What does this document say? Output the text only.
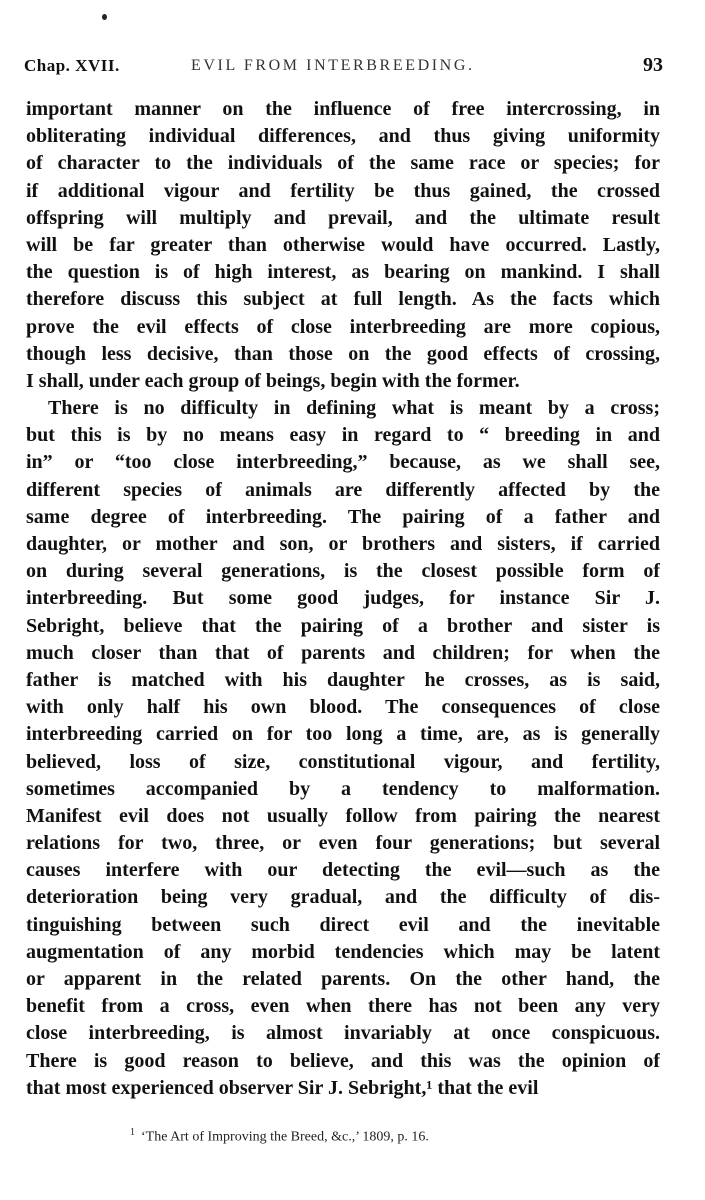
Chap. XVII.	EVIL FROM INTERBREEDING.	93
important manner on the influence of free intercrossing, in
obliterating individual differences, and thus giving uniformity
of character to the individuals of the same race or species; for
if additional vigour and fertility be thus gained, the crossed
offspring will multiply and prevail, and the ultimate result
will be far greater than otherwise would have occurred. Lastly,
the question is of high interest, as bearing on mankind. I shall
therefore discuss this subject at full length. As the facts which
prove the evil effects of close interbreeding are more copious,
though less decisive, than those on the good effects of crossing,
I shall, under each group of beings, begin with the former.
There is no difficulty in defining what is meant by a cross;
but this is by no means easy in regard to “ breeding in and
in” or “too close interbreeding,” because, as we shall see,
different species of animals are differently affected by the
same degree of interbreeding. The pairing of a father and
daughter, or mother and son, or brothers and sisters, if carried
on during several generations, is the closest possible form of
interbreeding. But some good judges, for instance Sir J.
Sebright, believe that the pairing of a brother and sister is
much closer than that of parents and children; for when the
father is matched with his daughter he crosses, as is said,
with only half his own blood. The consequences of close
interbreeding carried on for too long a time, are, as is generally
believed, loss of size, constitutional vigour, and fertility,
sometimes accompanied by a tendency to malformation.
Manifest evil does not usually follow from pairing the nearest
relations for two, three, or even four generations; but several
causes interfere with our detecting the evil—such as the
deterioration being very gradual, and the difficulty of dis-
tinguishing between such direct evil and the inevitable
augmentation of any morbid tendencies which may be latent
or apparent in the related parents. On the other hand, the
benefit from a cross, even when there has not been any very
close interbreeding, is almost invariably at once conspicuous.
There is good reason to believe, and this was the opinion of
that most experienced observer Sir J. Sebright,¹ that the evil
$^1$ ‘The Art of Improving the Breed, &c.,’ 1809, p. 16.
